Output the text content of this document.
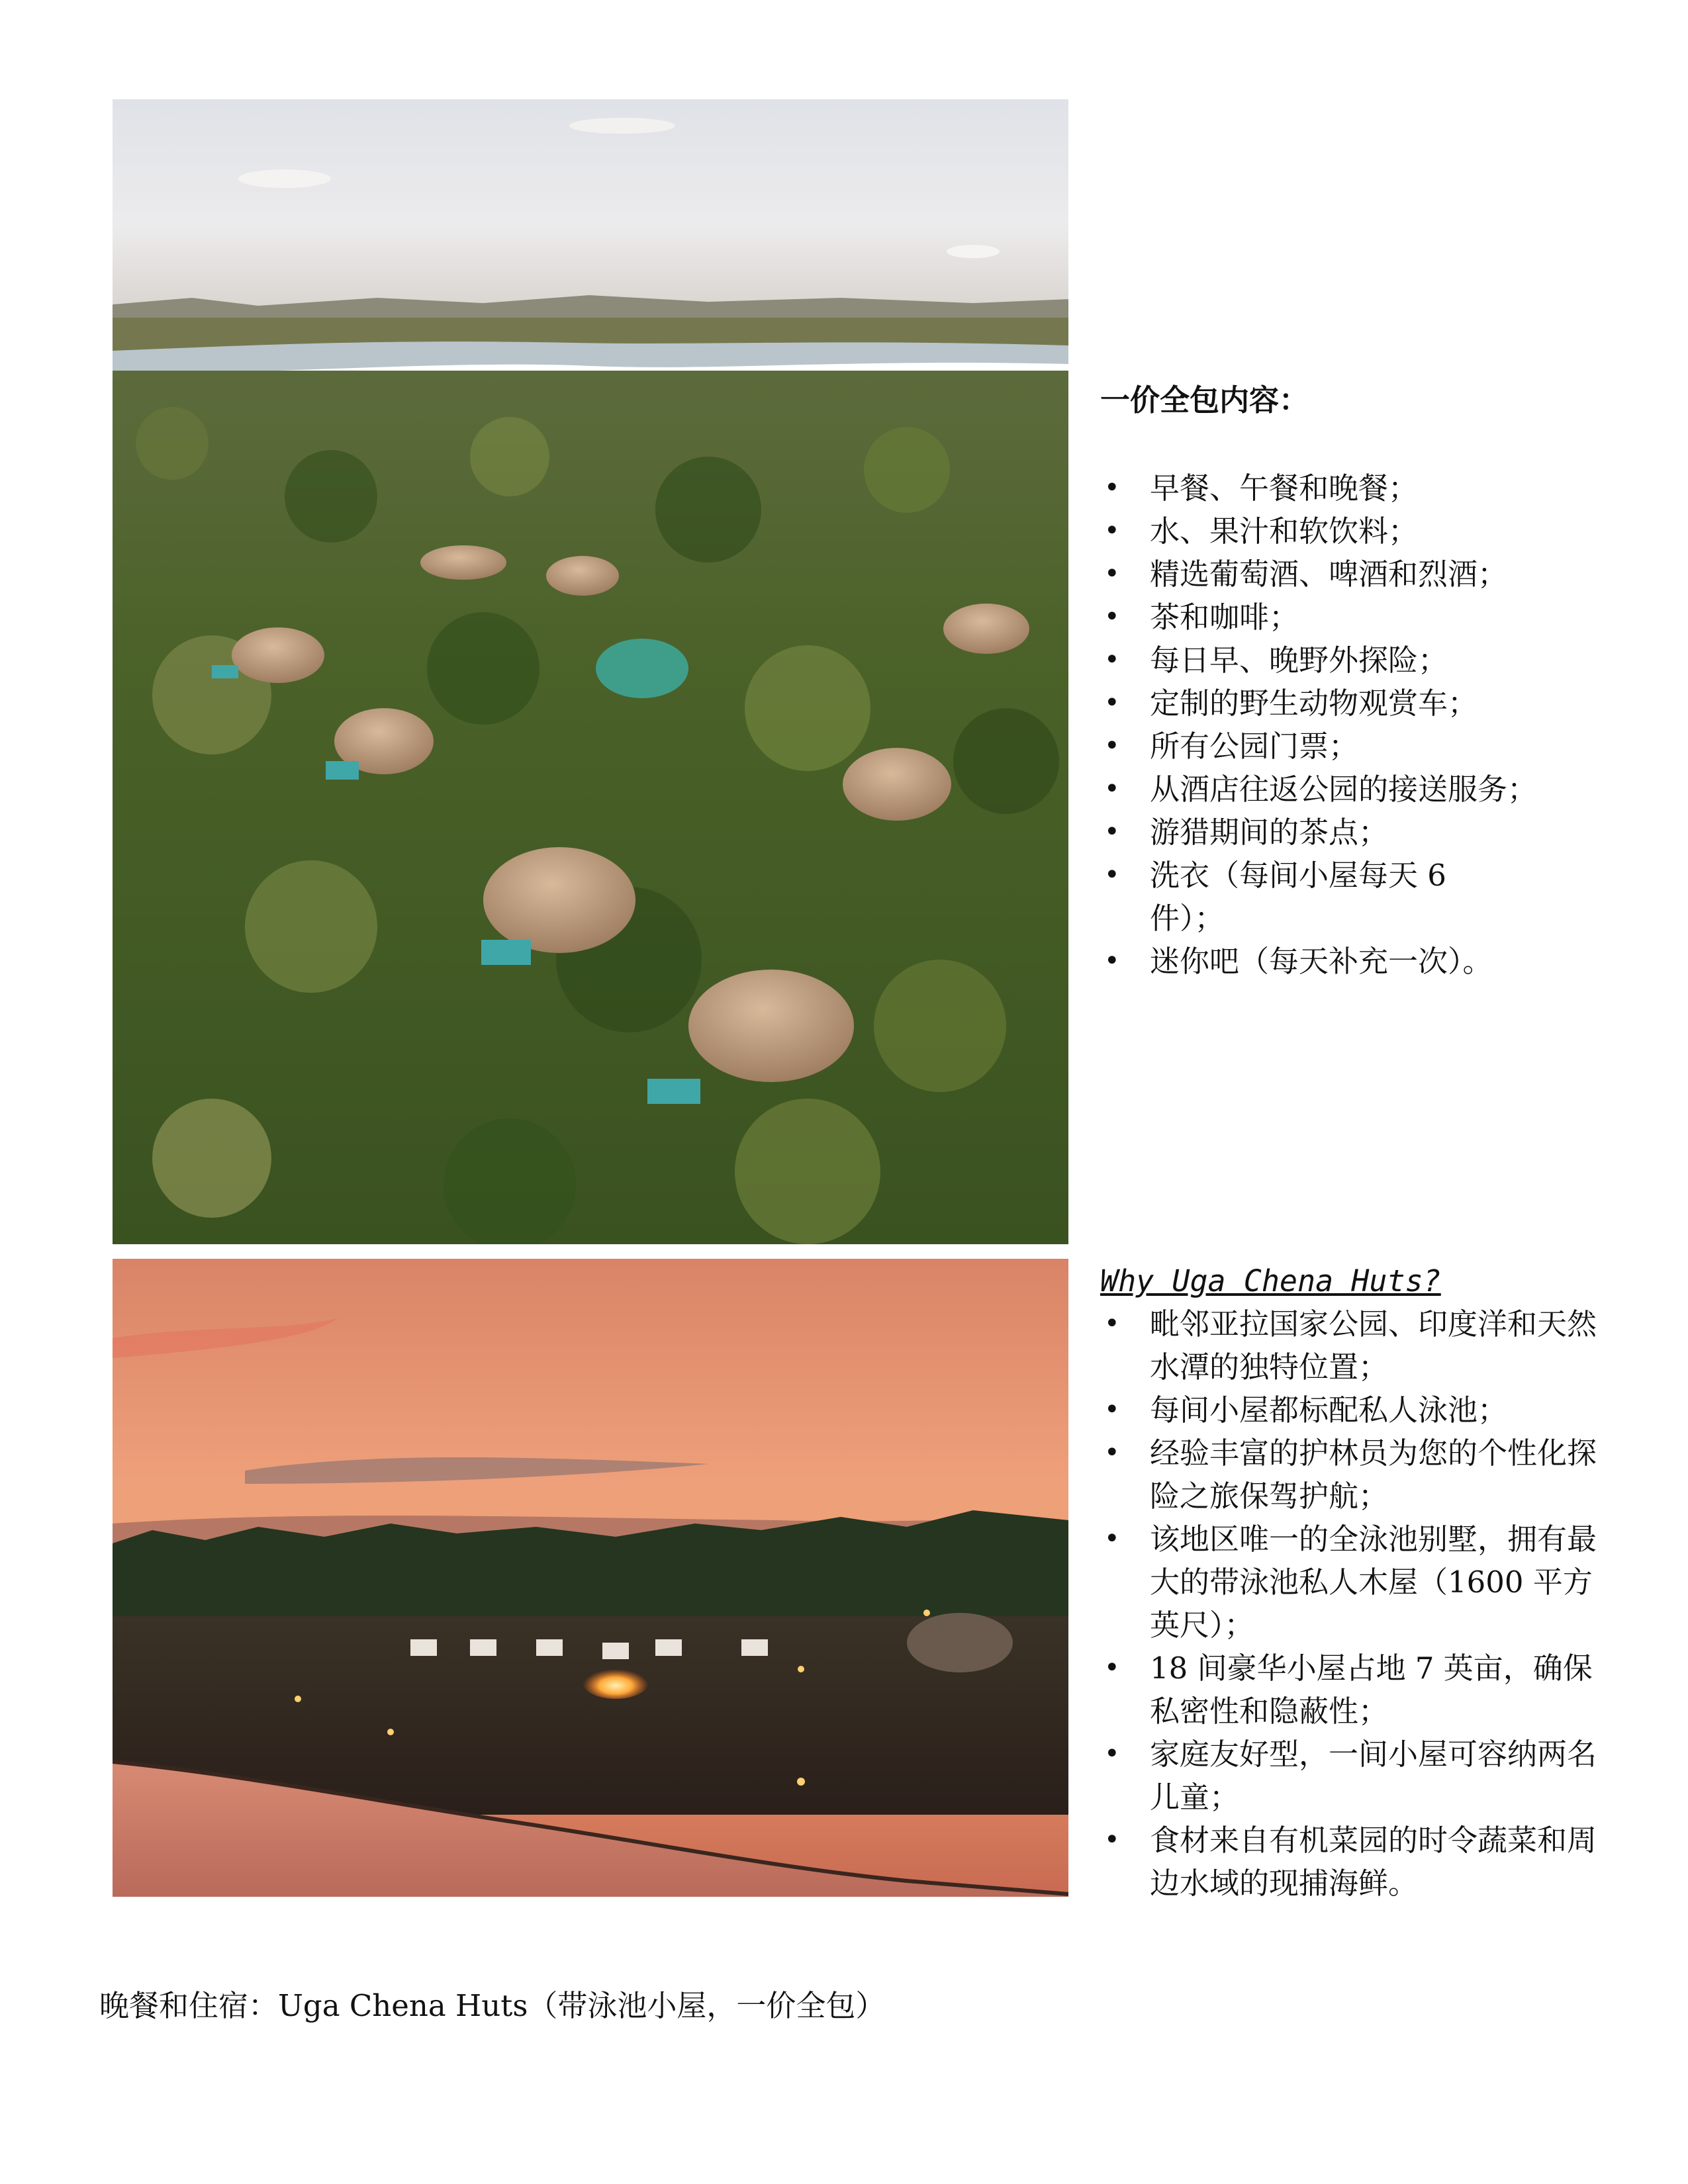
一价全包内容：
• 早餐、午餐和晚餐；
• 水、果汁和软饮料；
• 精选葡萄酒、啤酒和烈酒；
• 茶和咖啡；
• 每日早、晚野外探险；
• 定制的野生动物观赏车；
• 所有公园门票；
• 从酒店往返公园的接送服务；
• 游猎期间的茶点；
• 洗衣（每间小屋每天 6 件）；
• 迷你吧（每天补充一次）。
Why Uga Chena Huts?
• 毗邻亚拉国家公园、印度洋和天然水潭的独特位置；
• 每间小屋都标配私人泳池；
• 经验丰富的护林员为您的个性化探险之旅保驾护航；
• 该地区唯一的全泳池别墅，拥有最大的带泳池私人木屋（1600 平方英尺）；
• 18 间豪华小屋占地 7 英亩，确保私密性和隐蔽性；
• 家庭友好型，一间小屋可容纳两名儿童；
• 食材来自有机菜园的时令蔬菜和周边水域的现捕海鲜。
晚餐和住宿：Uga Chena Huts（带泳池小屋，一价全包）
